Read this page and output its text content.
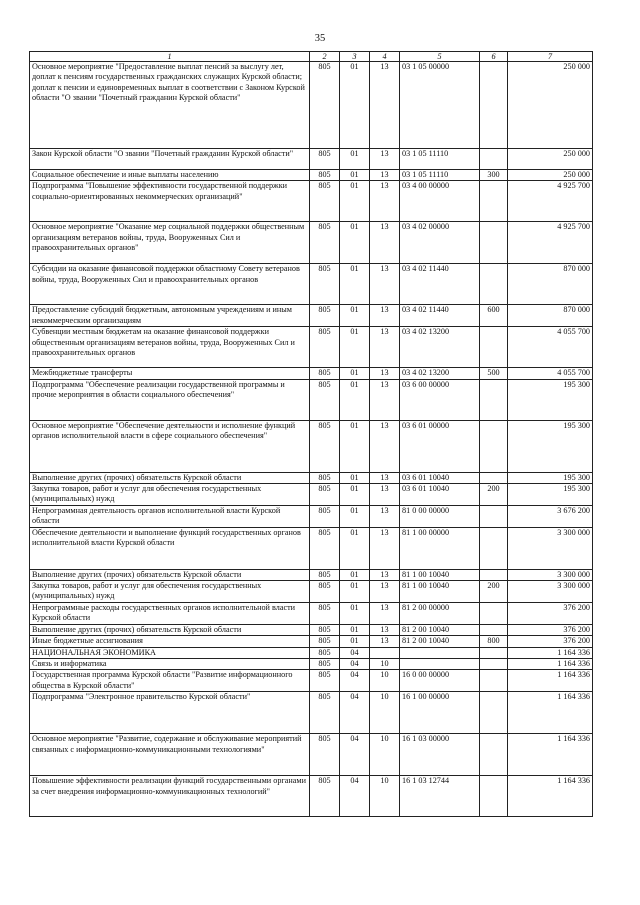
35
1	2	3	4	5	6	7
Основное мероприятие "Предоставление выплат пенсий за выслугу лет, доплат к пенсиям государственных гражданских служащих Курской области; доплат к пенсии и единовременных выплат в соответствии с Законом Курской области "О звании "Почетный гражданин Курской области"	805	01	13	03 1 05 00000		250 000
Закон Курской области "О звании "Почетный гражданин Курской области"	805	01	13	03 1 05 11110		250 000
Социальное обеспечение и иные выплаты населению	805	01	13	03 1 05 11110	300	250 000
Подпрограмма "Повышение эффективности государственной поддержки социально-ориентированных некоммерческих организаций"	805	01	13	03 4 00 00000		4 925 700
Основное мероприятие "Оказание мер социальной поддержки общественным организациям ветеранов войны, труда, Вооруженных Сил и правоохранительных органов"	805	01	13	03 4 02 00000		4 925 700
Субсидии на оказание финансовой поддержки областному Совету ветеранов войны, труда, Вооруженных Сил и правоохранительных органов	805	01	13	03 4 02 11440		870 000
Предоставление субсидий бюджетным, автономным учреждениям и иным некоммерческим организациям	805	01	13	03 4 02 11440	600	870 000
Субвенции местным бюджетам на оказание финансовой поддержки общественным организациям ветеранов войны, труда, Вооруженных Сил и правоохранительных органов	805	01	13	03 4 02 13200		4 055 700
Межбюджетные трансферты	805	01	13	03 4 02 13200	500	4 055 700
Подпрограмма "Обеспечение реализации государственной программы и прочие мероприятия в области социального обеспечения"	805	01	13	03 6 00 00000		195 300
Основное мероприятие "Обеспечение деятельности и исполнение функций органов исполнительной власти в сфере социального обеспечения"	805	01	13	03 6 01 00000		195 300
Выполнение других (прочих) обязательств Курской области	805	01	13	03 6 01 10040		195 300
Закупка товаров, работ и услуг для обеспечения государственных (муниципальных) нужд	805	01	13	03 6 01 10040	200	195 300
Непрограммная деятельность органов исполнительной власти Курской области	805	01	13	81 0 00 00000		3 676 200
Обеспечение деятельности и выполнение функций государственных органов исполнительной власти Курской области	805	01	13	81 1 00 00000		3 300 000
Выполнение других (прочих) обязательств Курской области	805	01	13	81 1 00 10040		3 300 000
Закупка товаров, работ и услуг для обеспечения государственных (муниципальных) нужд	805	01	13	81 1 00 10040	200	3 300 000
Непрограммные расходы государственных органов исполнительной власти Курской области	805	01	13	81 2 00 00000		376 200
Выполнение других (прочих) обязательств Курской области	805	01	13	81 2 00 10040		376 200
Иные бюджетные ассигнования	805	01	13	81 2 00 10040	800	376 200
НАЦИОНАЛЬНАЯ ЭКОНОМИКА	805	04				1 164 336
Связь и информатика	805	04	10			1 164 336
Государственная программа Курской области "Развитие информационного общества в Курской области"	805	04	10	16 0 00 00000		1 164 336
Подпрограмма "Электронное правительство Курской области"	805	04	10	16 1 00 00000		1 164 336
Основное мероприятие "Развитие, содержание и обслуживание мероприятий связанных с информационно-коммуникационными технологиями"	805	04	10	16 1 03 00000		1 164 336
Повышение эффективности реализации функций государственными органами за счет внедрения информационно-коммуникационных технологий"	805	04	10	16 1 03 12744		1 164 336
